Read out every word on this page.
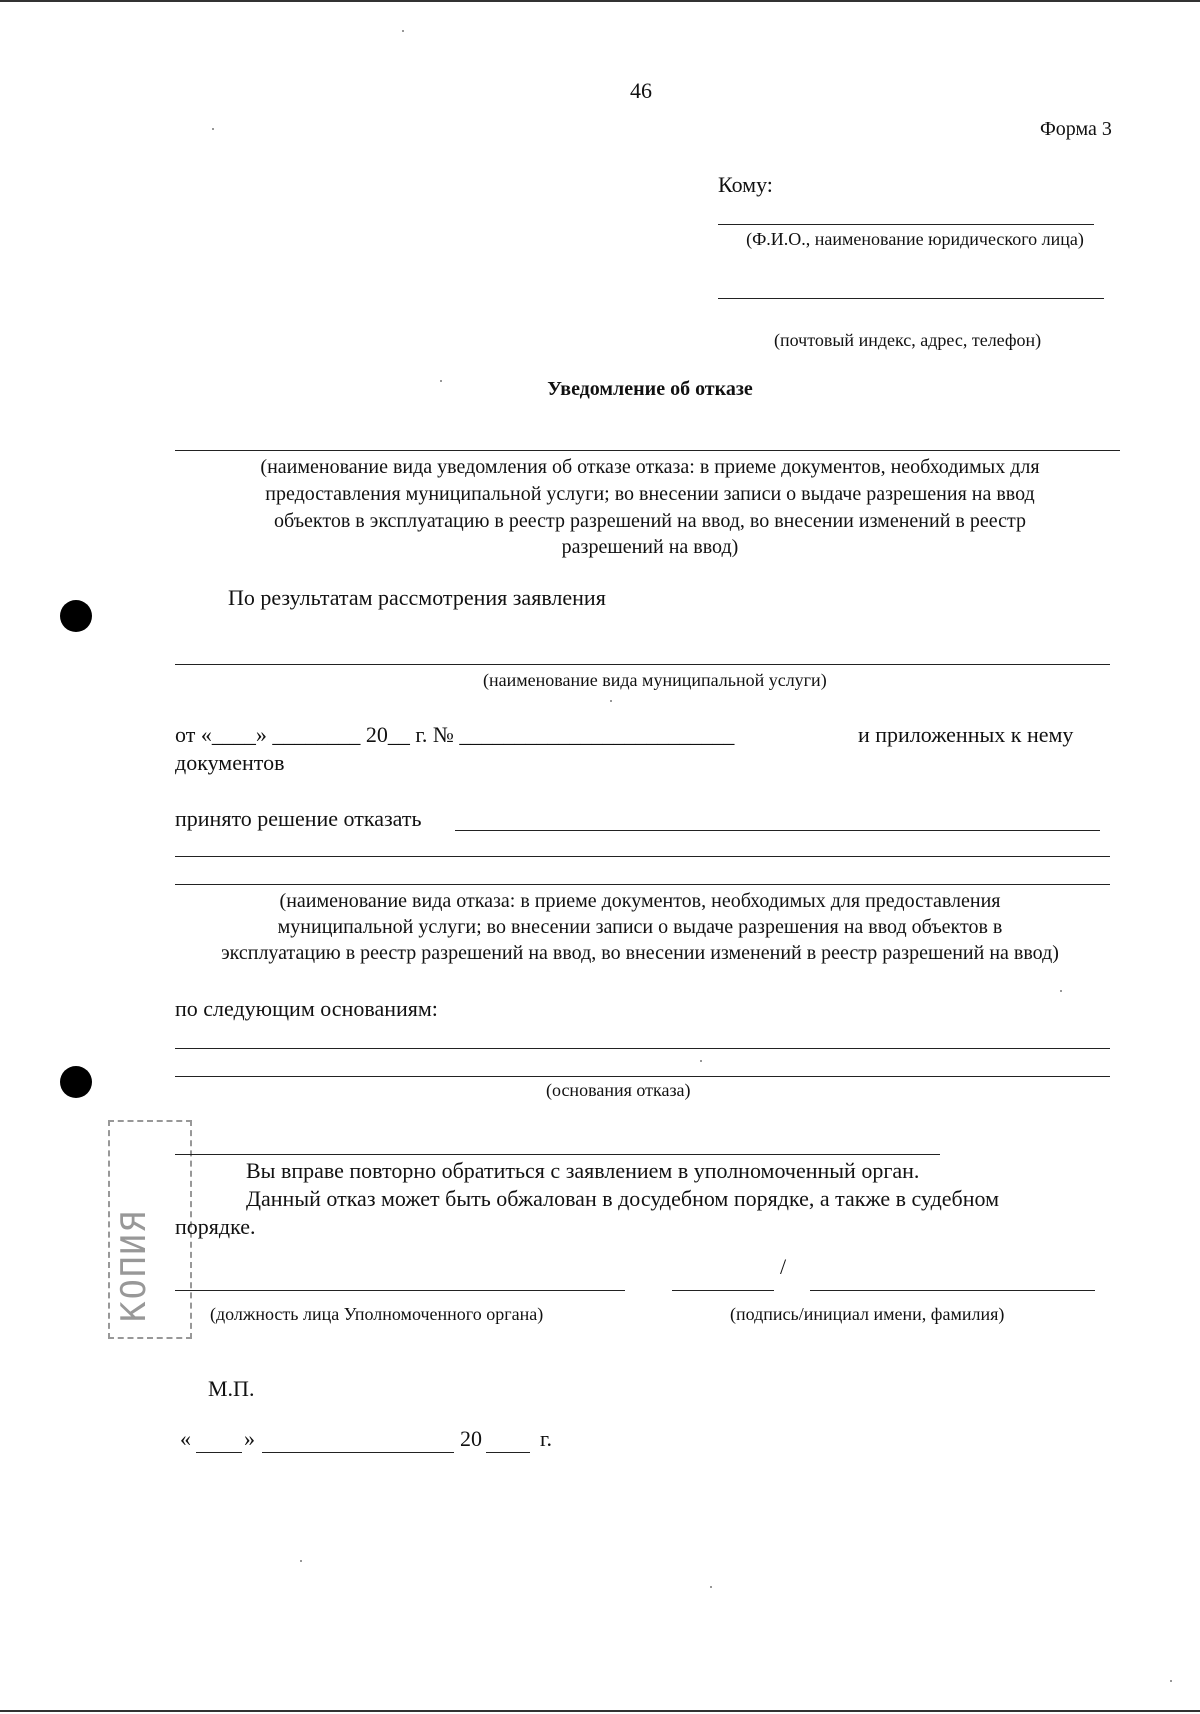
КОПИЯ
46
Форма 3
Кому:
(Ф.И.О., наименование юридического лица)
(почтовый индекс, адрес, телефон)
Уведомление об отказе
(наименование вида уведомления об отказе отказа: в приеме документов, необходимых для
предоставления муниципальной услуги; во внесении записи о выдаче разрешения на ввод
объектов в эксплуатацию в реестр разрешений на ввод, во внесении изменений в реестр
разрешений на ввод)
По результатам рассмотрения заявления
(наименование вида муниципальной услуги)
от «____» ________ 20__ г. № _________________________	и приложенных к нему
документов
принято решение отказать
(наименование вида отказа: в приеме документов, необходимых для предоставления
муниципальной услуги; во внесении записи о выдаче разрешения на ввод объектов в
эксплуатацию в реестр разрешений на ввод, во внесении изменений в реестр разрешений на ввод)
по следующим основаниям:
(основания отказа)
Вы вправе повторно обратиться с заявлением в уполномоченный орган.
Данный отказ может быть обжалован в досудебном порядке, а также в судебном
порядке.
/
(должность лица Уполномоченного органа)	(подпись/инициал имени, фамилия)
М.П.
« »	20	г.
